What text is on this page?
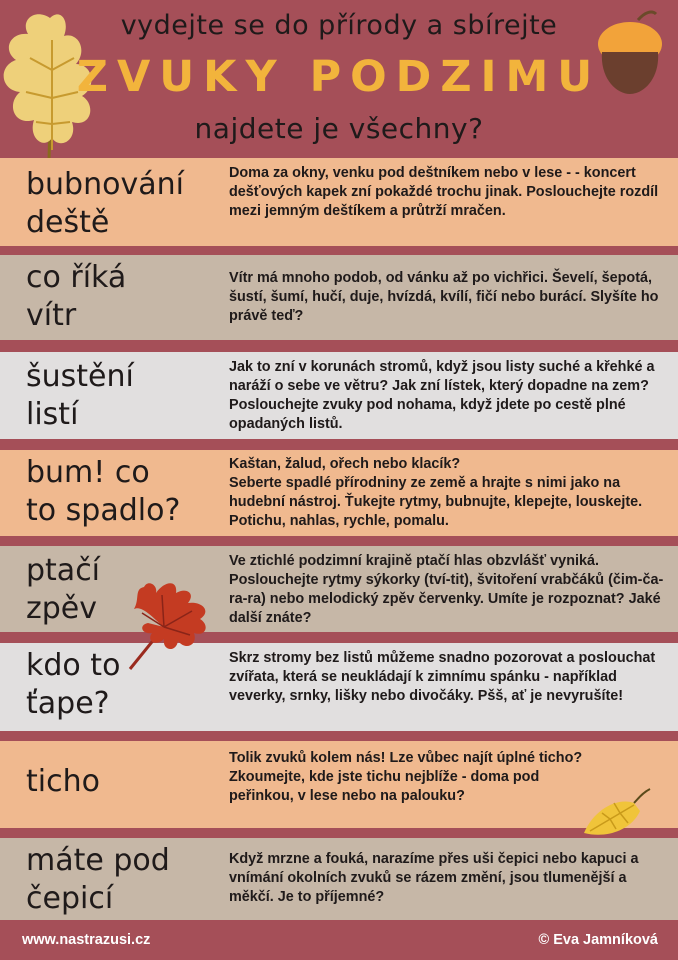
vydejte se do přírody a sbírejte
ZVUKY PODZIMU
najdete je všechny?
bubnování
deště
Doma za okny, venku pod deštníkem nebo v lese - - koncert dešťových kapek zní pokaždé trochu jinak. Poslouchejte rozdíl mezi jemným deštíkem a průtrží mračen.
co říká
vítr
Vítr má mnoho podob, od vánku až po vichřici. Ševelí, šepotá, šustí, šumí, hučí, duje, hvízdá, kvílí, fičí nebo burácí. Slyšíte ho právě teď?
šustění
listí
Jak to zní v korunách stromů, když jsou listy suché a křehké a naráží o sebe ve větru? Jak zní lístek, který dopadne na zem? Poslouchejte zvuky pod nohama, když jdete po cestě plné opadaných listů.
bum! co
to spadlo?
Kaštan, žalud, ořech nebo klacík?
Seberte spadlé přírodniny ze země a hrajte s nimi jako na hudební nástroj. Ťukejte rytmy, bubnujte, klepejte, louskejte. Potichu, nahlas, rychle, pomalu.
ptačí
zpěv
Ve ztichlé podzimní krajině ptačí hlas obzvlášť vyniká. Poslouchejte rytmy sýkorky (tví-tit), švitoření vrabčáků (čim-ča-ra-ra) nebo melodický zpěv červenky. Umíte je rozpoznat? Jaké další znáte?
kdo to
ťape?
Skrz stromy bez listů můžeme snadno pozorovat a poslouchat zvířata, která se neukládají k zimnímu spánku - například veverky, srnky, lišky nebo divočáky. Pšš, ať je nevyrušíte!
ticho
Tolik zvuků kolem nás! Lze vůbec najít úplné ticho? Zkoumejte, kde jste tichu nejblíže - doma pod peřinkou, v lese nebo na palouku?
máte pod
čepicí
Když mrzne a fouká, narazíme přes uši čepici nebo kapuci a vnímání okolních zvuků se rázem změní, jsou tlumenější a měkčí. Je to příjemné?
www.nastrazusi.cz	© Eva Jamníková
